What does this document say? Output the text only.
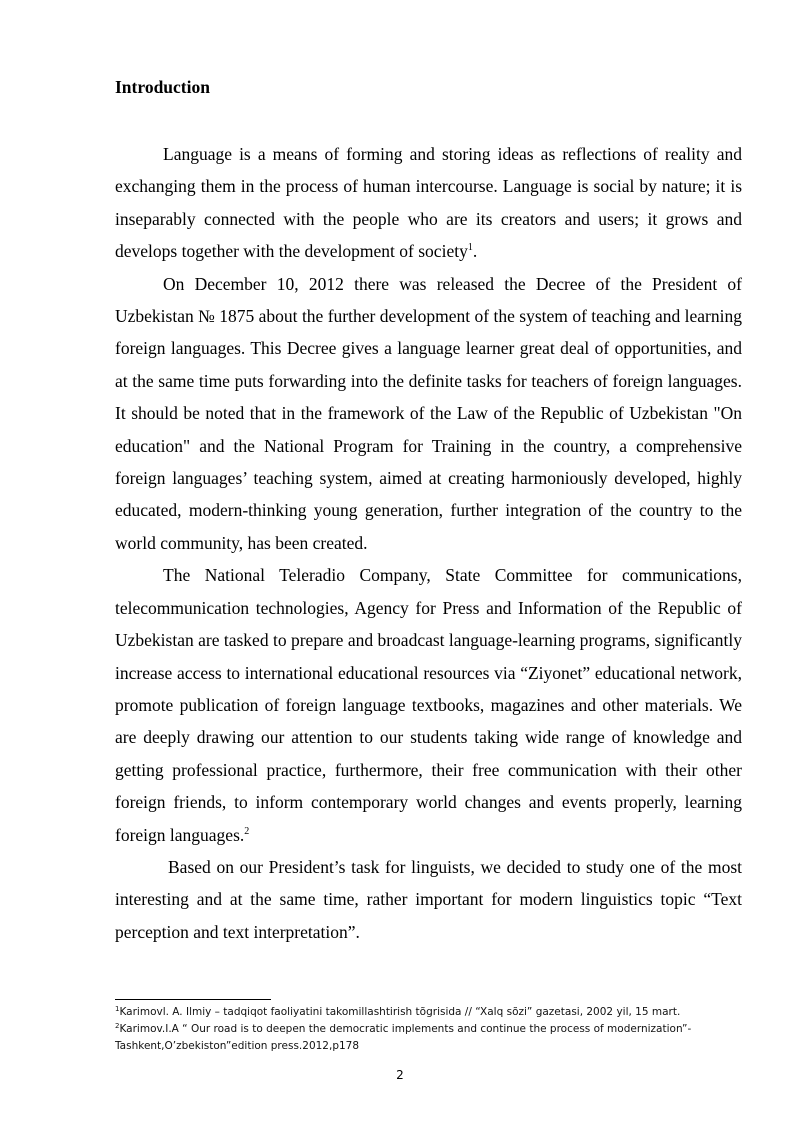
Introduction

Language is a means of forming and storing ideas as reflections of reality and exchanging them in the process of human intercourse. Language is social by nature; it is inseparably connected with the people who are its creators and users; it grows and develops together with the development of society$^1$.

On December 10, 2012 there was released the Decree of the President of Uzbekistan № 1875 about the further development of the system of teaching and learning foreign languages. This Decree gives a language learner great deal of opportunities, and at the same time puts forwarding into the definite tasks for teachers of foreign languages. It should be noted that in the framework of the Law of the Republic of Uzbekistan "On education" and the National Program for Training in the country, a comprehensive foreign languages’ teaching system, aimed at creating harmoniously developed, highly educated, modern-thinking young generation, further integration of the country to the world community, has been created.

The National Teleradio Company, State Committee for communications, telecommunication technologies, Agency for Press and Information of the Republic of Uzbekistan are tasked to prepare and broadcast language-learning programs, significantly increase access to international educational resources via “Ziyonet” educational network, promote publication of foreign language textbooks, magazines and other materials. We are deeply drawing our attention to our students taking wide range of knowledge and getting professional practice, furthermore, their free communication with their other foreign friends, to inform contemporary world changes and events properly, learning foreign languages.$^2$

Based on our President’s task for linguists, we decided to study one of the most interesting and at the same time, rather important for modern linguistics topic “Text perception and text interpretation”.

$^1$Karimovl. A. Ilmiy – tadqiqot faoliyatini takomillashtirish tõgrisida // “Xalq sõzi” gazetasi, 2002 yil, 15 mart.

$^2$Karimov.I.A “ Our road is to deepen the democratic implements and continue the process of modernization”- Tashkent,O’zbekiston”edition press.2012,p178

2
